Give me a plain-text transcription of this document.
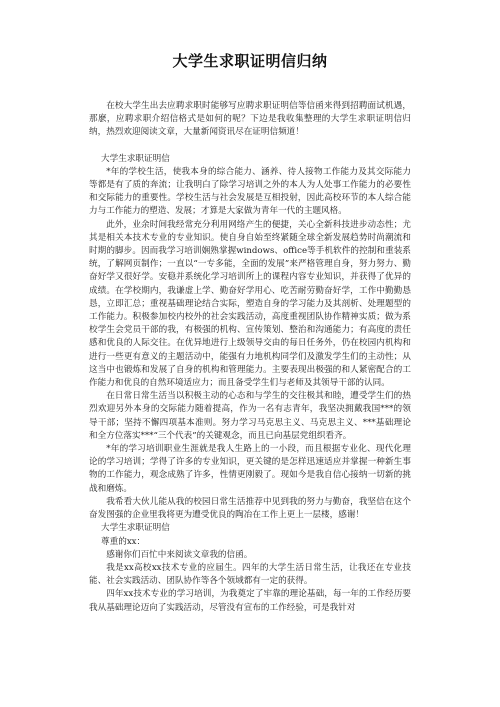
大学生求职证明信归纳

在校大学生出去应聘求职时能够写应聘求职证明信等信函来得到招聘面试机遇，那麽，应聘求职介绍信格式是如何的呢？下边是我收集整理的大学生求职证明信归纳，热烈欢迎阅读文章，大量新闻资讯尽在证明信频道！

大学生求职证明信

*年的学校生活，使我本身的综合能力、涵养、待人接物工作能力及其交际能力等都是有了质的奔流；让我明白了除学习培训之外的本人为人处事工作能力的必要性和交际能力的重要性。学校生活与社会发展是互相投射，因此高校环节的本人综合能力与工作能力的塑造、发展；才算是大家做为青年一代的主题风格。

此外，业余时间我经常充分利用网络产生的便捷，关心全新科技进步动态性；尤其是相关本技术专业的专业知识。使自身自始至终紧随全球全新发展趋势时尚潮流和时期的脚步。因而我学习培训娴熟掌握windows、office等手机软件的控制和重装系统，了解网页制作；一直以“一专多能，全面的发展”来严格管理自身，努力努力、勤奋好学又很好学。安稳并系统化学习培训所上的课程内容专业知识，并获得了优异的成绩。在学校期内，我谦虚上学、勤奋好学用心、吃苦耐劳勤奋好学，工作中勤勤恳恳，立即汇总；重视基础理论结合实际，塑造自身的学习能力及其剖析、处理题型的工作能力。积极参加校内校外的社会实践活动，高度重视团队协作精神实质；做为系校学生会党员干部的我，有极强的机构、宣传策划、整治和沟通能力；有高度的责任感和优良的人际交往。在优异地进行上级领导交由的每日任务外，仍在校园内机构和进行一些更有意义的主题活动中，能强有力地机构同学们及激发学生们的主动性；从这当中也锻炼和发展了自身的机构和管理能力。主要表现出极强的和人紧密配合的工作能力和优良的自然环境适应力；而且备受学生们与老师及其领导干部的认同。

在日常日常生活当以积极主动的心态和与学生的交往极其和睦，遭受学生们的热烈欢迎另外本身的交际能力随着提高，作为一名有志青年，我坚决拥戴我国***的领导干部；坚持不懈四项基本准则。努力学习马克思主义、马克思主义、***基础理论和全方位落实***“三个代表”的关键观念，而且已向基层党组织看齐。

*年的学习培训职业生涯就是我人生路上的一小段，而且根据专业化、现代化理论的学习培训；学得了许多的专业知识，更关键的是怎样迅速适应并掌握一种新生事物的工作能力，观念成熟了许多，性情更刚毅了。现如今是我自信心接纳一切新的挑战和磨炼。

我希看大伙儿能从我的校园日常生活推荐中见到我的努力与勤奋，我坚信在这个奋发图强的企业里我将更为遭受优良的陶冶在工作上更上一层楼，感谢！

大学生求职证明信

尊重的xx：

感谢你们百忙中来阅读文章我的信函。

我是xx高校xx技术专业的应届生。四年的大学生活日常生活，让我还在专业技能、社会实践活动、团队协作等各个领域都有一定的获得。

四年xx技术专业的学习培训，为我奠定了牢靠的理论基础，每一年的工作经历要我从基础理论迈向了实践活动，尽管没有宣布的工作经验，可是我针对
